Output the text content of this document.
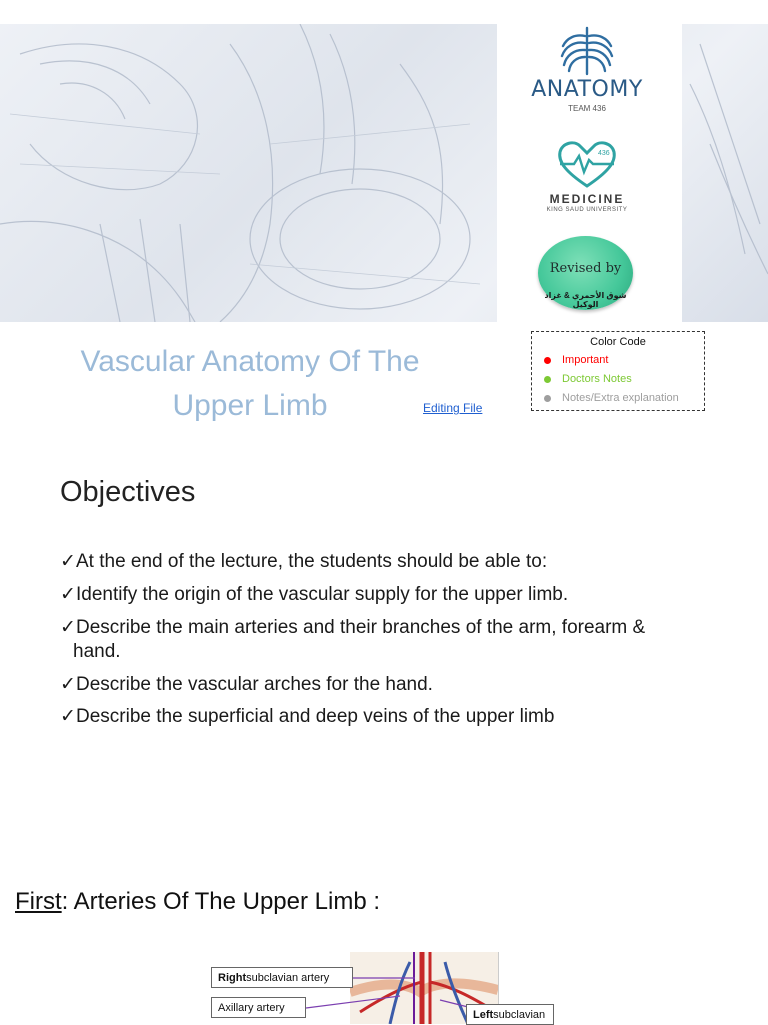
ANATOMY
TEAM 436
436
MEDICINE
KING SAUD UNIVERSITY
Revised by
شوق الأحمري & غزاد الوكيل
Vascular Anatomy Of The
Upper Limb	Editing File
Color Code
Important
Doctors Notes
Notes/Extra explanation
Objectives
✓At the end of the lecture, the students should be able to:
✓Identify the origin of the vascular supply for the upper limb.
✓Describe the main arteries and their branches of the arm, forearm &
hand.
✓Describe the vascular arches for the hand.
✓Describe the superficial and deep veins of the upper limb
First: Arteries Of The Upper Limb :
Right subclavian artery
Axillary artery
Left subclavian
